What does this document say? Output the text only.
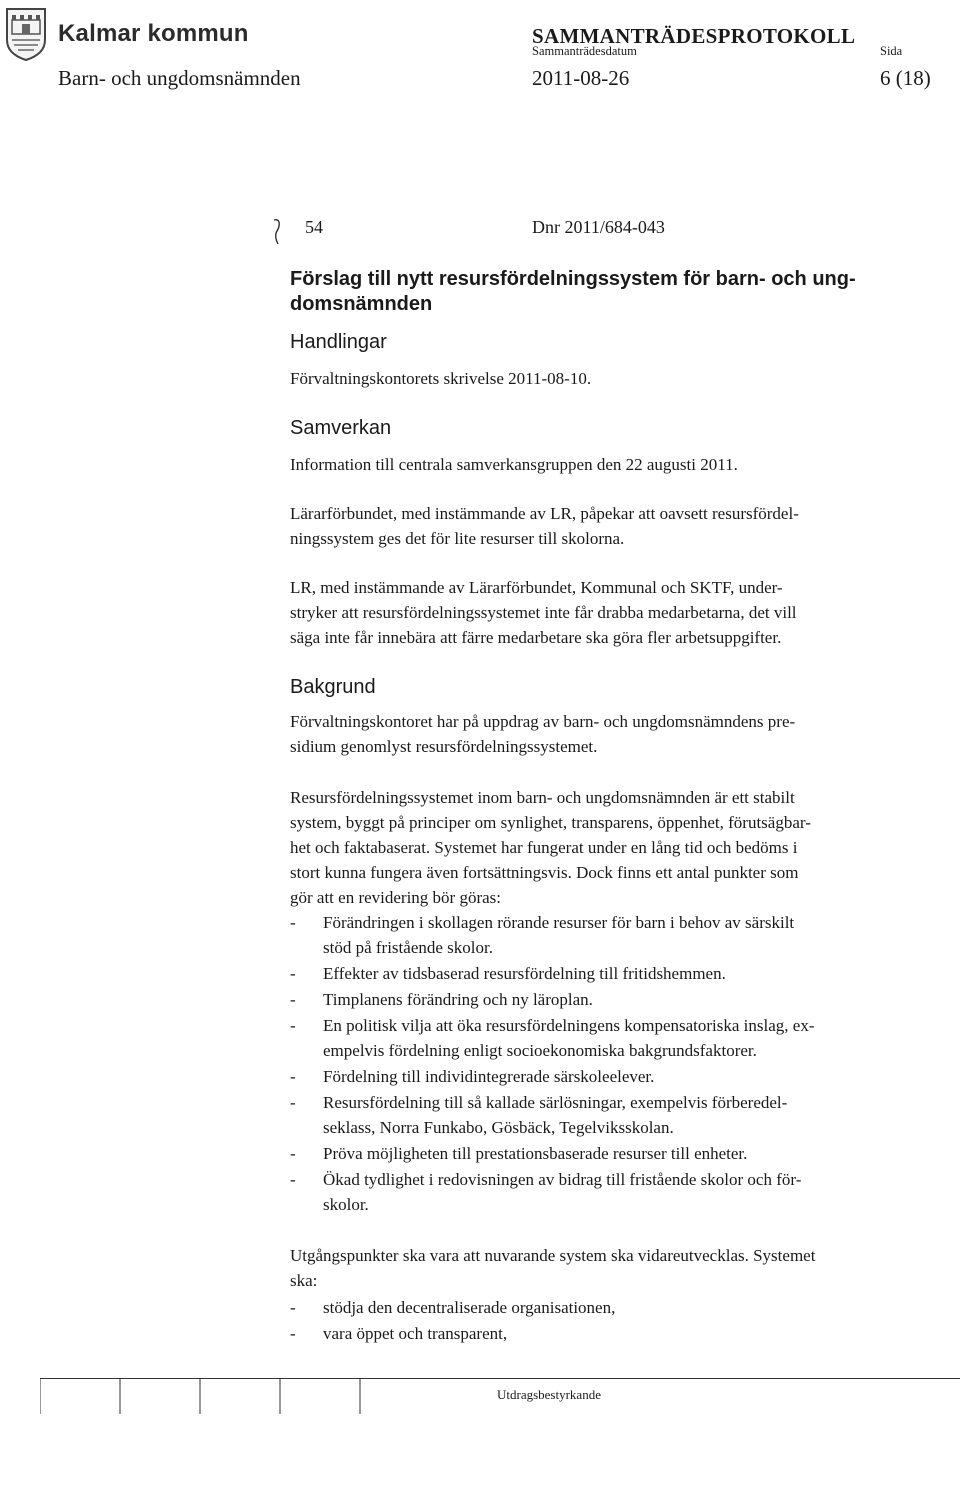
Kalmar kommun	SAMMANTRÄDESPROTOKOLL
Sammanträdesdatum	Sida
Barn- och ungdomsnämnden	2011-08-26	6 (18)
54	Dnr 2011/684-043
Förslag till nytt resursfördelningssystem för barn- och ung-
domsnämnden
Handlingar
Förvaltningskontorets skrivelse 2011-08-10.
Samverkan
Information till centrala samverkansgruppen den 22 augusti 2011.
Lärarförbundet, med instämmande av LR, påpekar att oavsett resursfördel-
ningssystem ges det för lite resurser till skolorna.
LR, med instämmande av Lärarförbundet, Kommunal och SKTF, under-
stryker att resursfördelningssystemet inte får drabba medarbetarna, det vill
säga inte får innebära att färre medarbetare ska göra fler arbetsuppgifter.
Bakgrund
Förvaltningskontoret har på uppdrag av barn- och ungdomsnämndens pre-
sidium genomlyst resursfördelningssystemet.
Resursfördelningssystemet inom barn- och ungdomsnämnden är ett stabilt
system, byggt på principer om synlighet, transparens, öppenhet, förutsägbar-
het och faktabaserat. Systemet har fungerat under en lång tid och bedöms i
stort kunna fungera även fortsättningsvis. Dock finns ett antal punkter som
gör att en revidering bör göras:
- Förändringen i skollagen rörande resurser för barn i behov av särskilt
stöd på fristående skolor.
- Effekter av tidsbaserad resursfördelning till fritidshemmen.
- Timplanens förändring och ny läroplan.
- En politisk vilja att öka resursfördelningens kompensatoriska inslag, ex-
empelvis fördelning enligt socioekonomiska bakgrundsfaktorer.
- Fördelning till individintegrerade särskoleelever.
- Resursfördelning till så kallade särlösningar, exempelvis förberedel-
seklass, Norra Funkabo, Gösbäck, Tegelviksskolan.
- Pröva möjligheten till prestationsbaserade resurser till enheter.
- Ökad tydlighet i redovisningen av bidrag till fristående skolor och för-
skolor.
Utgångspunkter ska vara att nuvarande system ska vidareutvecklas. Systemet
ska:
- stödja den decentraliserade organisationen,
- vara öppet och transparent,
Utdragsbestyrkande
